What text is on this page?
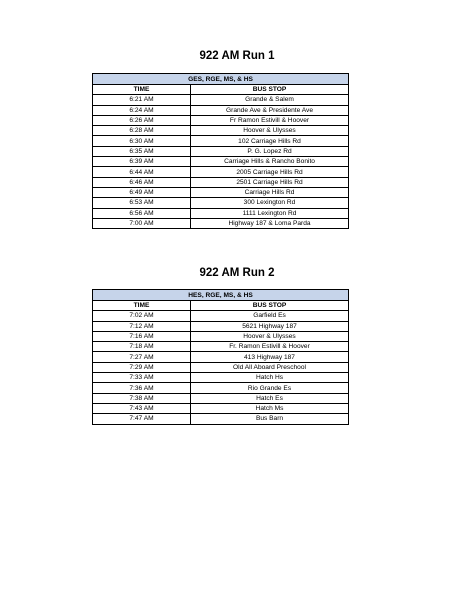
922 AM Run 1
GES, RGE, MS, & HS	
TIME	BUS STOP
6:21 AM	Grande & Salem
6:24 AM	Grande Ave & Presidente Ave
6:26 AM	Fr Ramon Estivill & Hoover
6:28 AM	Hoover & Ulysses
6:30 AM	102 Carriage Hills Rd
6:35 AM	P. G. Lopez Rd
6:39 AM	Carriage Hills & Rancho Bonito
6:44 AM	2005 Carriage Hills Rd
6:46 AM	2501 Carriage Hills Rd
6:49 AM	Carriage Hills Rd
6:53 AM	300 Lexington Rd
6:56 AM	1111 Lexington Rd
7:00 AM	Highway 187 & Loma Parda
922 AM Run 2
HES, RGE, MS, & HS	
TIME	BUS STOP
7:02 AM	Garfield Es
7:12 AM	5621 Highway 187
7:16 AM	Hoover & Ulysses
7:18 AM	Fr. Ramon Estivill & Hoover
7:27 AM	413 Highway 187
7:29 AM	Old All Aboard Preschool
7:33 AM	Hatch Hs
7:36 AM	Rio Grande Es
7:38 AM	Hatch Es
7:43 AM	Hatch Ms
7:47 AM	Bus Barn
